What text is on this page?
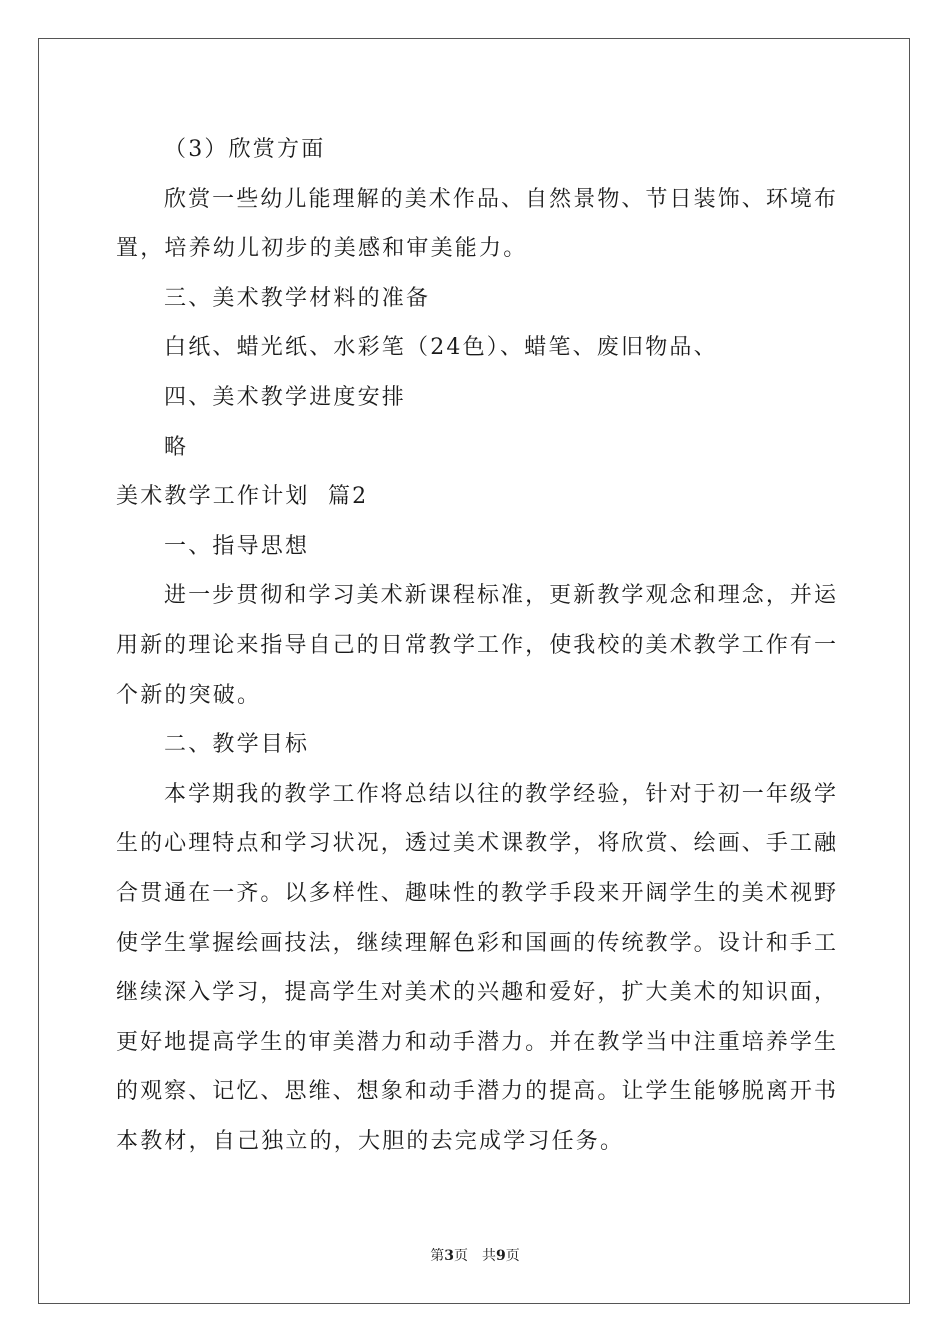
（3）欣赏方面
欣赏一些幼儿能理解的美术作品、自然景物、节日装饰、环境布
置，培养幼儿初步的美感和审美能力。
三、美术教学材料的准备
白纸、蜡光纸、水彩笔（24色）、蜡笔、废旧物品、
四、美术教学进度安排
略
美术教学工作计划  篇2
一、指导思想
进一步贯彻和学习美术新课程标准，更新教学观念和理念，并运
用新的理论来指导自己的日常教学工作，使我校的美术教学工作有一
个新的突破。
二、教学目标
本学期我的教学工作将总结以往的教学经验，针对于初一年级学
生的心理特点和学习状况，透过美术课教学，将欣赏、绘画、手工融
合贯通在一齐。以多样性、趣味性的教学手段来开阔学生的美术视野
使学生掌握绘画技法，继续理解色彩和国画的传统教学。设计和手工
继续深入学习，提高学生对美术的兴趣和爱好，扩大美术的知识面，
更好地提高学生的审美潜力和动手潜力。并在教学当中注重培养学生
的观察、记忆、思维、想象和动手潜力的提高。让学生能够脱离开书
本教材，自己独立的，大胆的去完成学习任务。
第3页 共9页
